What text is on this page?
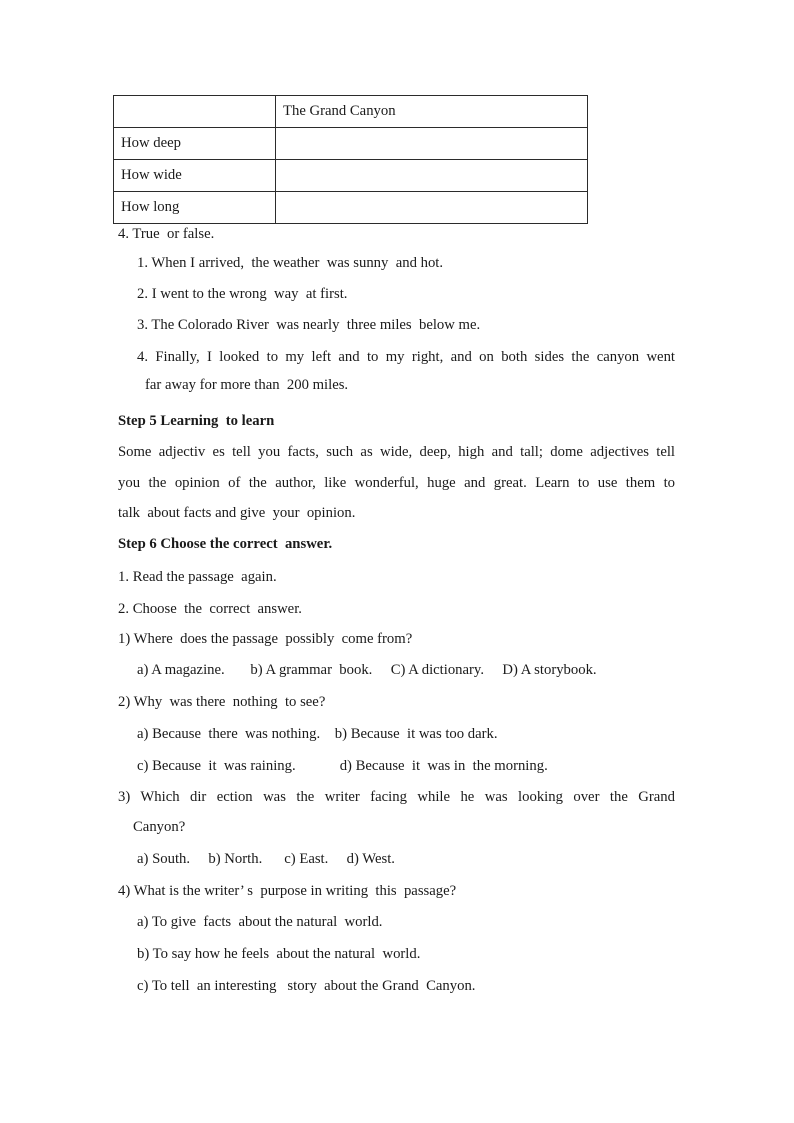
	The Grand Canyon
How deep	
How wide	
How long	
4. True  or false.
1. When I arrived,  the weather  was sunny  and hot.
2. I went to the wrong  way  at first.
3. The Colorado River  was nearly  three miles  below me.
4. Finally, I looked to my left and to my right, and on both sides the canyon went
far away for more than  200 miles.
Step 5 Learning  to learn
Some adjectiv es tell you facts, such as wide, deep, high and tall; dome adjectives tell
you the opinion of the author, like wonderful, huge and great. Learn to use them to
talk  about facts and give  your  opinion.
Step 6 Choose the correct  answer.
1. Read the passage  again.
2. Choose  the  correct  answer.
1) Where  does the passage  possibly  come from?
a) A magazine.       b) A grammar  book.     C) A dictionary.     D) A storybook.
2) Why  was there  nothing  to see?
a) Because  there  was nothing.    b) Because  it was too dark.
c) Because  it  was raining.            d) Because  it  was in  the morning.
3) Which dir ection was the writer facing while he was looking over the Grand
Canyon?
a) South.     b) North.      c) East.     d) West.
4) What is the writer’ s  purpose in writing  this  passage?
a) To give  facts  about the natural  world.
b) To say how he feels  about the natural  world.
c) To tell  an interesting   story  about the Grand  Canyon.
